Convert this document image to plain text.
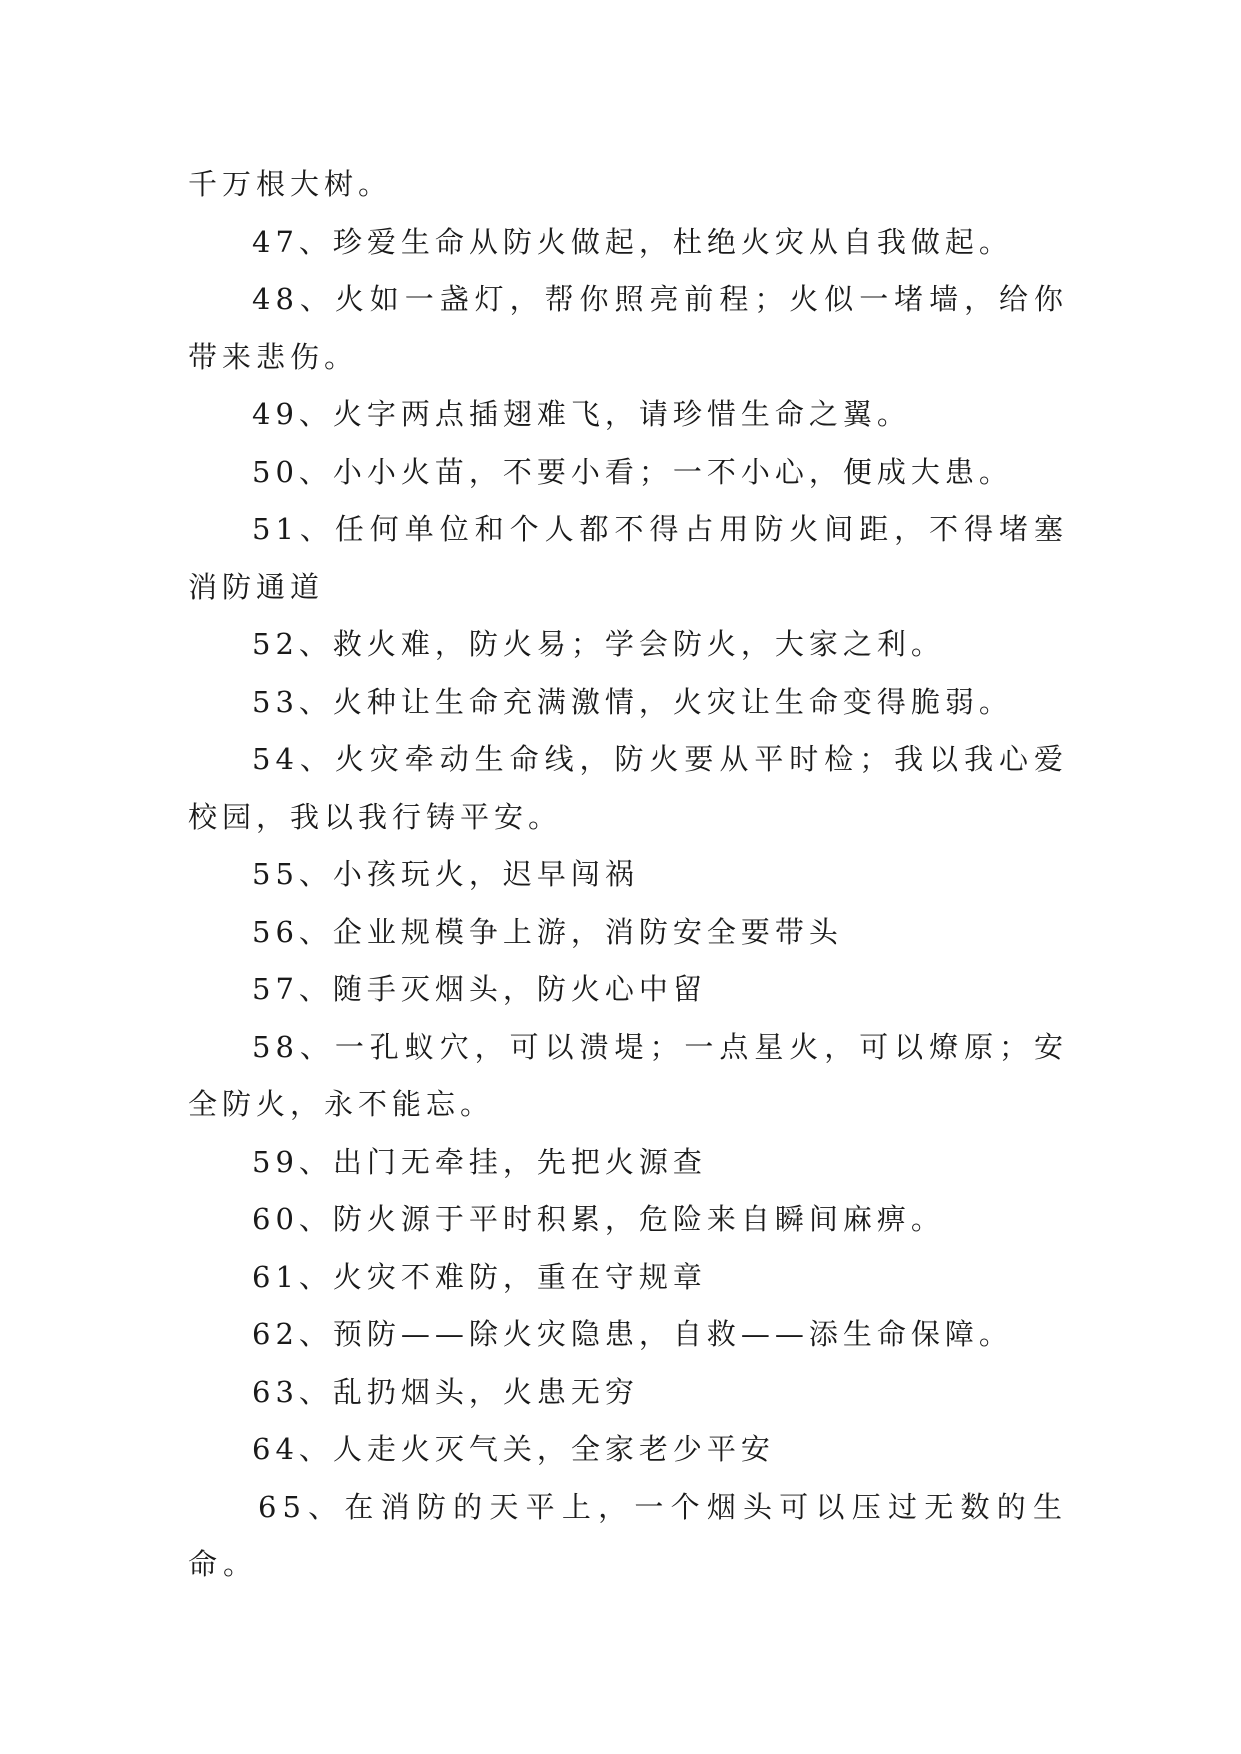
千万根大树。

47、珍爱生命从防火做起，杜绝火灾从自我做起。

48、火如一盏灯，帮你照亮前程；火似一堵墙，给你带来悲伤。

49、火字两点插翅难飞，请珍惜生命之翼。

50、小小火苗，不要小看；一不小心，便成大患。

51、任何单位和个人都不得占用防火间距，不得堵塞消防通道

52、救火难，防火易；学会防火，大家之利。

53、火种让生命充满激情，火灾让生命变得脆弱。

54、火灾牵动生命线，防火要从平时检；我以我心爱校园，我以我行铸平安。

55、小孩玩火，迟早闯祸

56、企业规模争上游，消防安全要带头

57、随手灭烟头，防火心中留

58、一孔蚁穴，可以溃堤；一点星火，可以燎原；安全防火，永不能忘。

59、出门无牵挂，先把火源查

60、防火源于平时积累，危险来自瞬间麻痹。

61、火灾不难防，重在守规章

62、预防——除火灾隐患，自救——添生命保障。

63、乱扔烟头，火患无穷

64、人走火灭气关，全家老少平安

65、在消防的天平上，一个烟头可以压过无数的生命。
